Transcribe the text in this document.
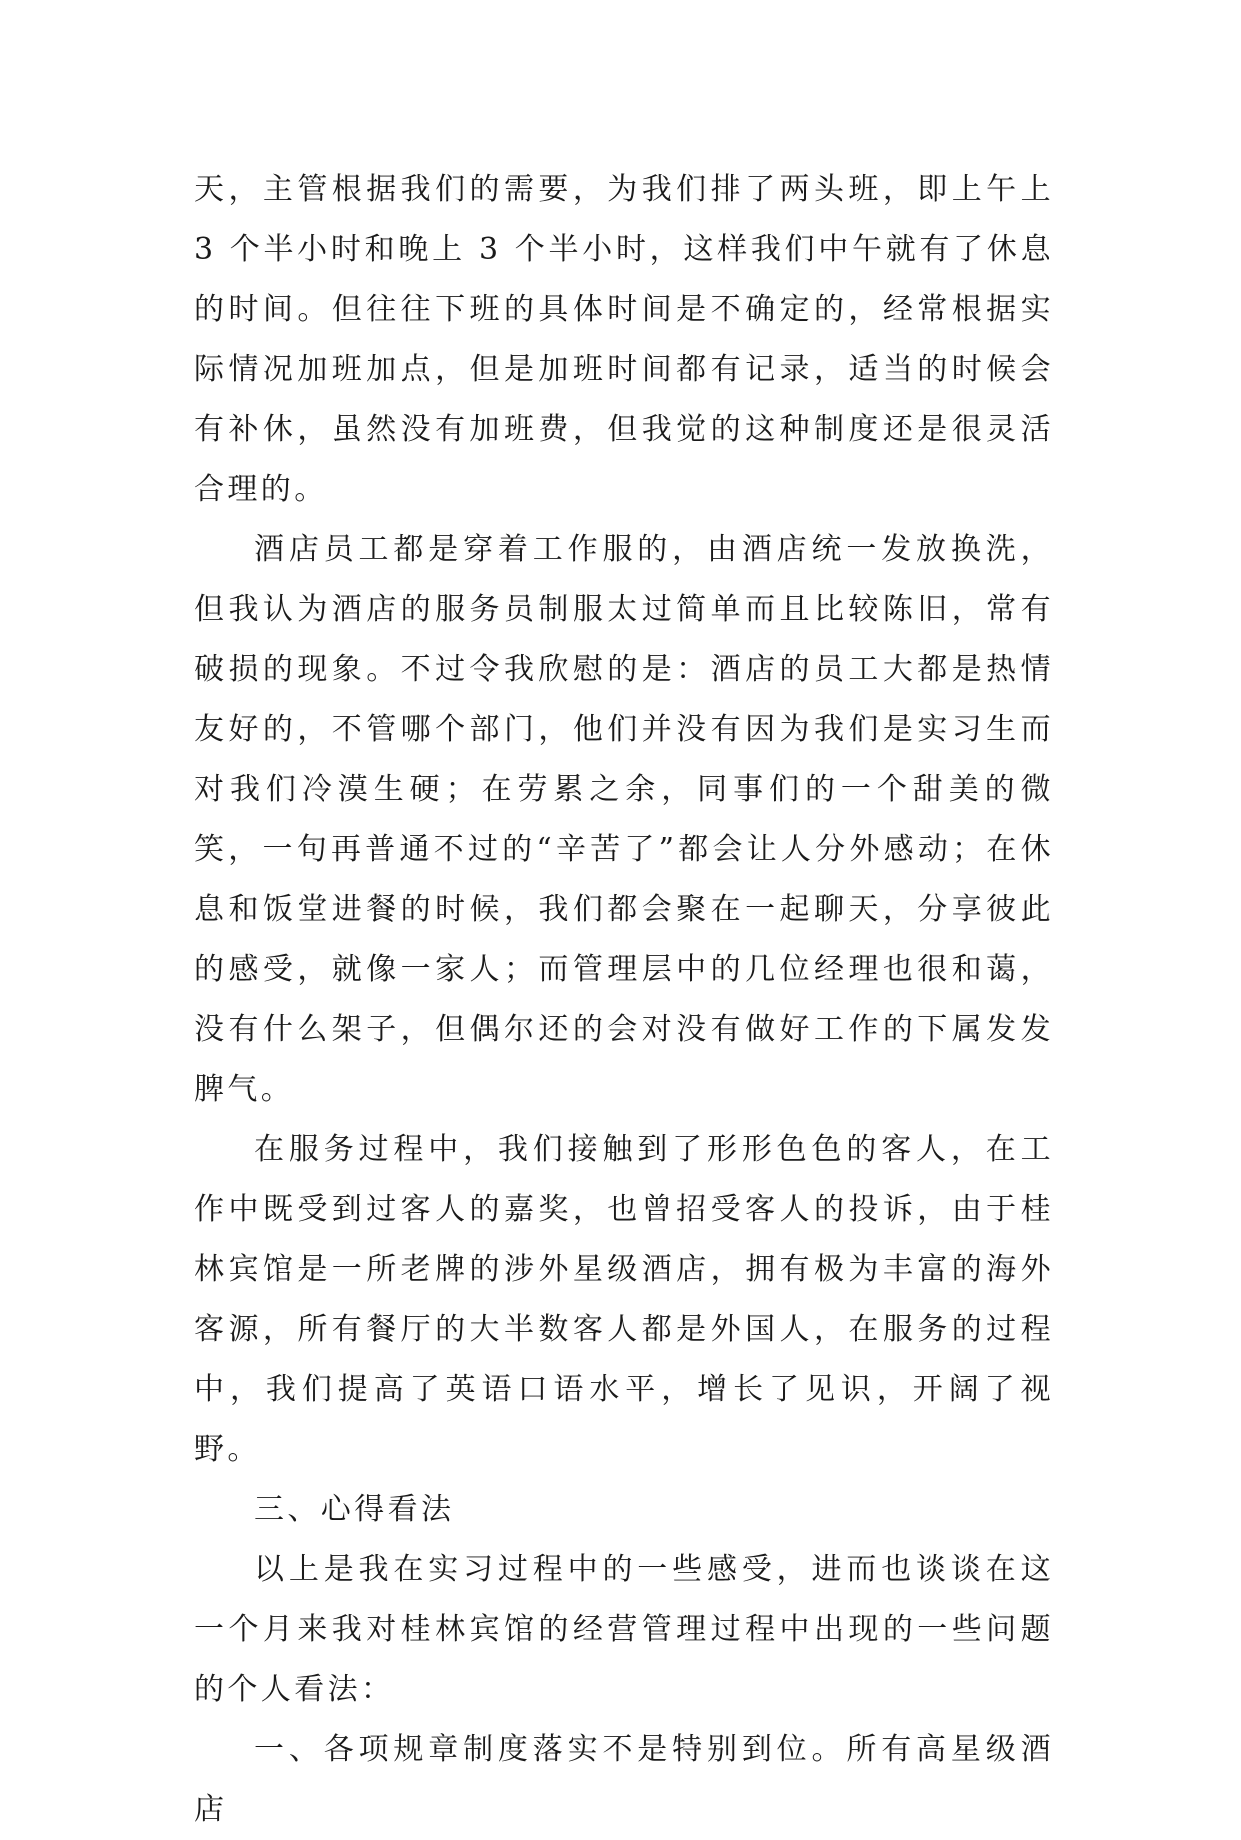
天，主管根据我们的需要，为我们排了两头班，即上午上 3 个半小时和晚上 3 个半小时，这样我们中午就有了休息的时间。但往往下班的具体时间是不确定的，经常根据实际情况加班加点，但是加班时间都有记录，适当的时候会有补休，虽然没有加班费，但我觉的这种制度还是很灵活合理的。

酒店员工都是穿着工作服的，由酒店统一发放换洗，但我认为酒店的服务员制服太过简单而且比较陈旧，常有破损的现象。不过令我欣慰的是：酒店的员工大都是热情友好的，不管哪个部门，他们并没有因为我们是实习生而对我们冷漠生硬；在劳累之余，同事们的一个甜美的微笑，一句再普通不过的“辛苦了”都会让人分外感动；在休息和饭堂进餐的时候，我们都会聚在一起聊天，分享彼此的感受，就像一家人；而管理层中的几位经理也很和蔼，没有什么架子，但偶尔还的会对没有做好工作的下属发发脾气。

在服务过程中，我们接触到了形形色色的客人，在工作中既受到过客人的嘉奖，也曾招受客人的投诉，由于桂林宾馆是一所老牌的涉外星级酒店，拥有极为丰富的海外客源，所有餐厅的大半数客人都是外国人，在服务的过程中，我们提高了英语口语水平，增长了见识，开阔了视野。

三、心得看法

以上是我在实习过程中的一些感受，进而也谈谈在这一个月来我对桂林宾馆的经营管理过程中出现的一些问题的个人看法：

一、各项规章制度落实不是特别到位。所有高星级酒店
